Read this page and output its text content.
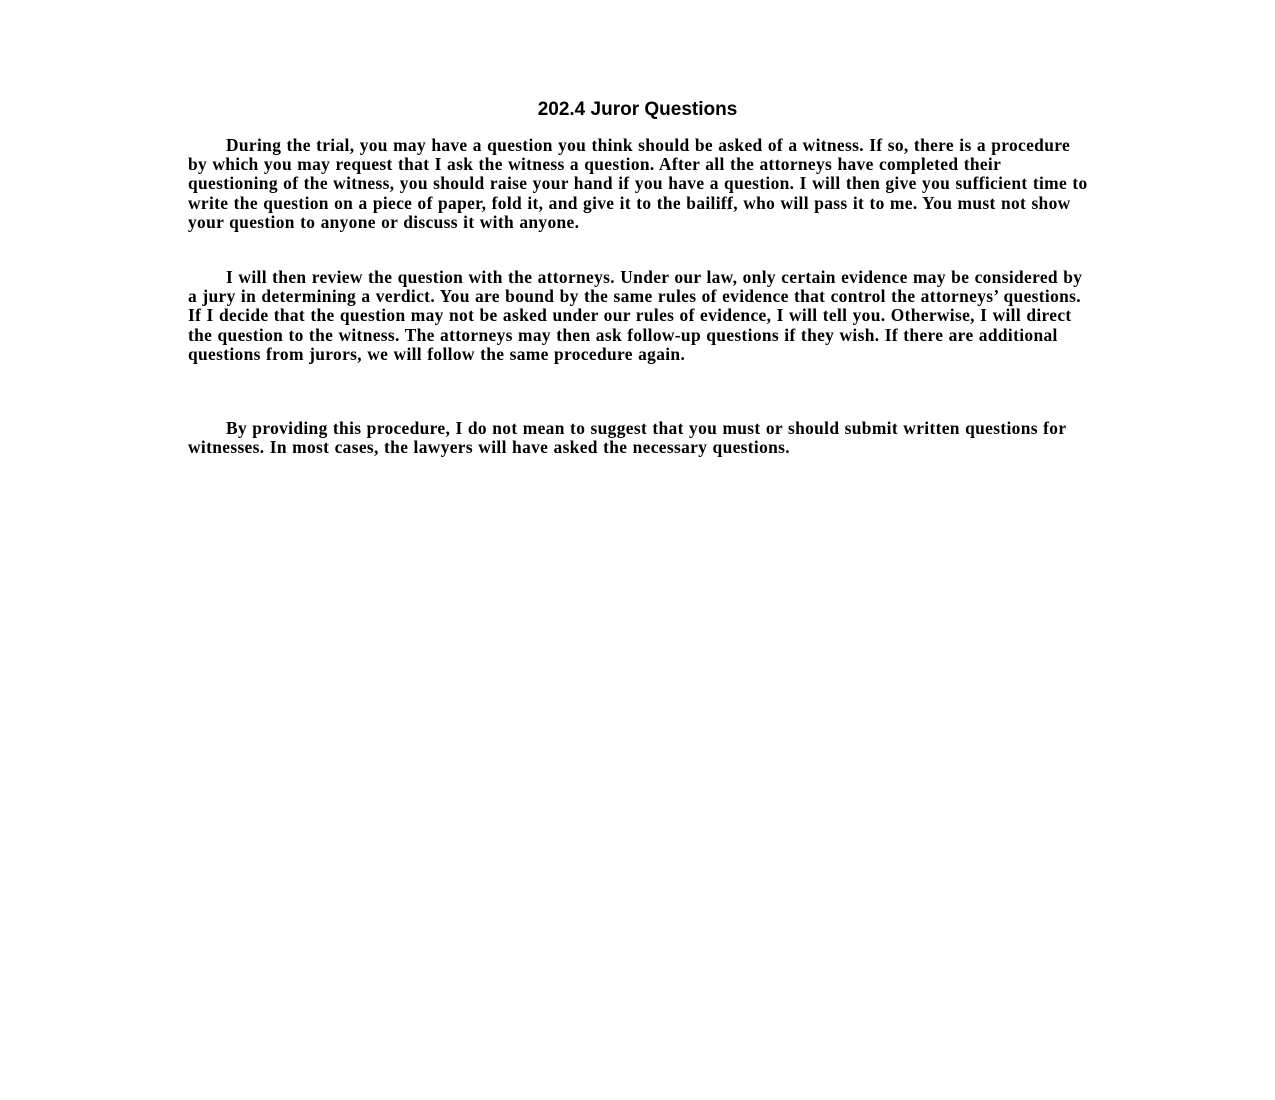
202.4 Juror Questions

During the trial, you may have a question you think should be asked of a witness. If so, there is a procedure by which you may request that I ask the witness a question. After all the attorneys have completed their questioning of the witness, you should raise your hand if you have a question. I will then give you sufficient time to write the question on a piece of paper, fold it, and give it to the bailiff, who will pass it to me. You must not show your question to anyone or discuss it with anyone.

I will then review the question with the attorneys. Under our law, only certain evidence may be considered by a jury in determining a verdict. You are bound by the same rules of evidence that control the attorneys’ questions. If I decide that the question may not be asked under our rules of evidence, I will tell you. Otherwise, I will direct the question to the witness. The attorneys may then ask follow-up questions if they wish. If there are additional questions from jurors, we will follow the same procedure again.

By providing this procedure, I do not mean to suggest that you must or should submit written questions for witnesses. In most cases, the lawyers will have asked the necessary questions.
